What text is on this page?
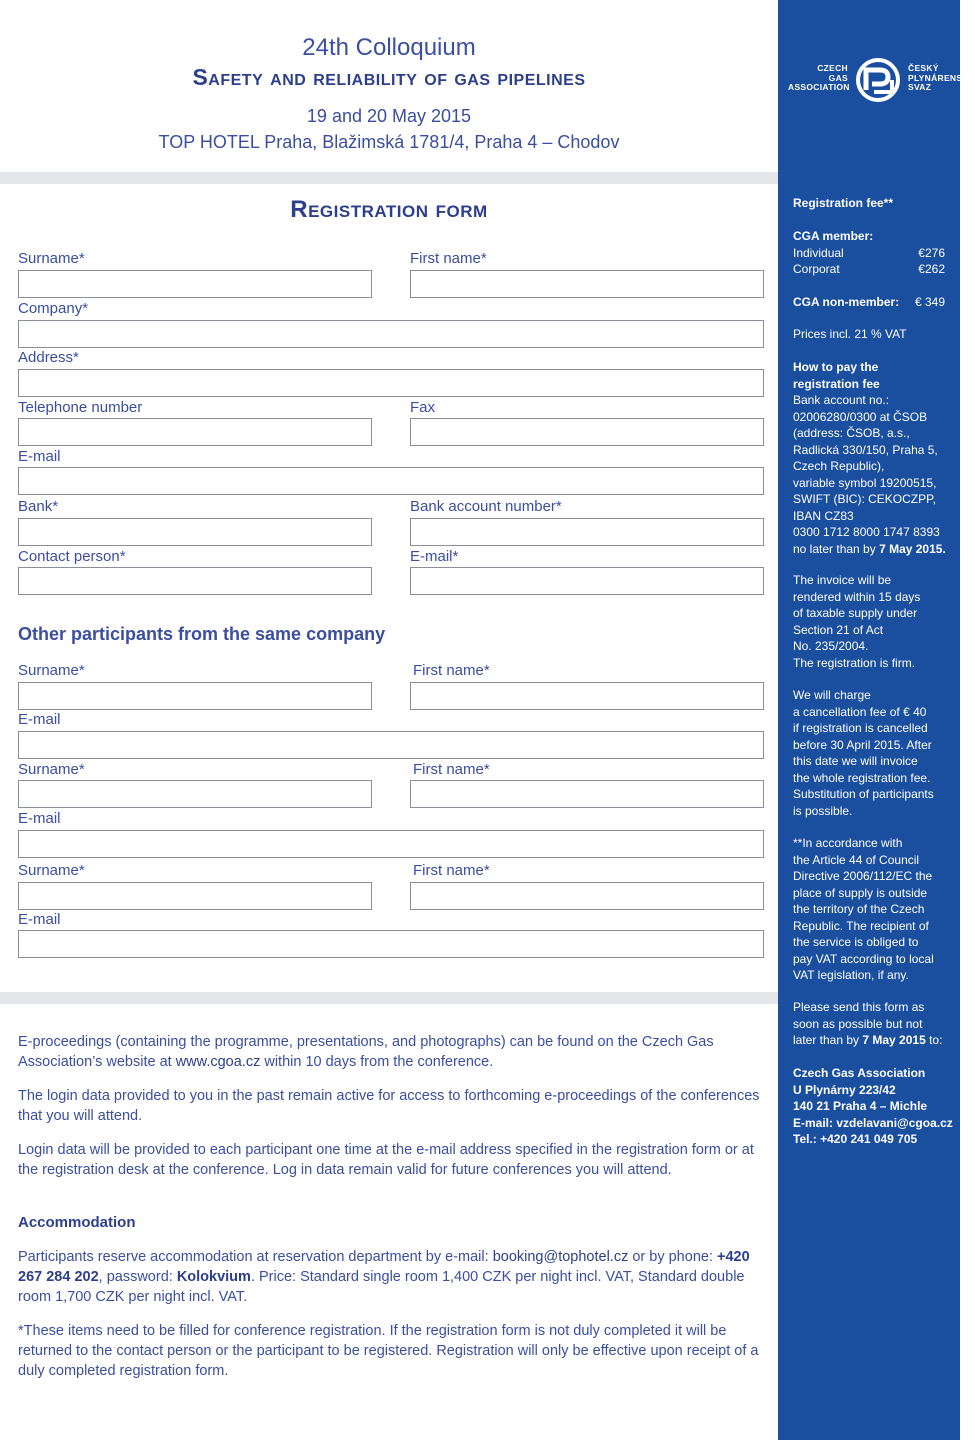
24th Colloquium
Safety and reliability of gas pipelines
19 and 20 May 2015
TOP HOTEL Praha, Blažimská 1781/4, Praha 4 – Chodov
Registration form
Surname*	First name*
Company*
Address*
Telephone number	Fax
E-mail
Bank*	Bank account number*
Contact person*	E-mail*
Other participants from the same company
Surname*	First name*
E-mail
Surname*	First name*
E-mail
Surname*	First name*
E-mail
E-proceedings (containing the programme, presentations, and photographs) can be found on the Czech Gas Association’s website at www.cgoa.cz within 10 days from the conference.
The login data provided to you in the past remain active for access to forthcoming e-proceedings of the conferences that you will attend.
Login data will be provided to each participant one time at the e-mail address specified in the registration form or at the registration desk at the conference. Log in data remain valid for future conferences you will attend.
Accommodation
Participants reserve accommodation at reservation department by e-mail: booking@tophotel.cz or by phone: +420 267 284 202, password: Kolokvium. Price: Standard single room 1,400 CZK per night incl. VAT, Standard double room 1,700 CZK per night incl. VAT.
*These items need to be filled for conference registration. If the registration form is not duly completed it will be returned to the contact person or the participant to be registered. Registration will only be effective upon receipt of a duly completed registration form.
CZECH
GAS
ASSOCIATION
ČESKÝ
PLYNÁRENSKÝ
SVAZ
Registration fee**
CGA member:
Individual	€276
Corporat	€262
CGA non-member: € 349
Prices incl. 21 % VAT
How to pay the
registration fee
Bank account no.:
02006280/0300 at ČSOB
(address: ČSOB, a.s.,
Radlická 330/150, Praha 5,
Czech Republic),
variable symbol 19200515,
SWIFT (BIC): CEKOCZPP,
IBAN CZ83
0300 1712 8000 1747 8393
no later than by 7 May 2015.
The invoice will be
rendered within 15 days
of taxable supply under
Section 21 of Act
No. 235/2004.
The registration is firm.
We will charge
a cancellation fee of € 40
if registration is cancelled
before 30 April 2015. After
this date we will invoice
the whole registration fee.
Substitution of participants
is possible.
**In accordance with
the Article 44 of Council
Directive 2006/112/EC the
place of supply is outside
the territory of the Czech
Republic. The recipient of
the service is obliged to
pay VAT according to local
VAT legislation, if any.
Please send this form as
soon as possible but not
later than by 7 May 2015 to:
Czech Gas Association
U Plynárny 223/42
140 21 Praha 4 – Michle
E-mail: vzdelavani@cgoa.cz
Tel.: +420 241 049 705
